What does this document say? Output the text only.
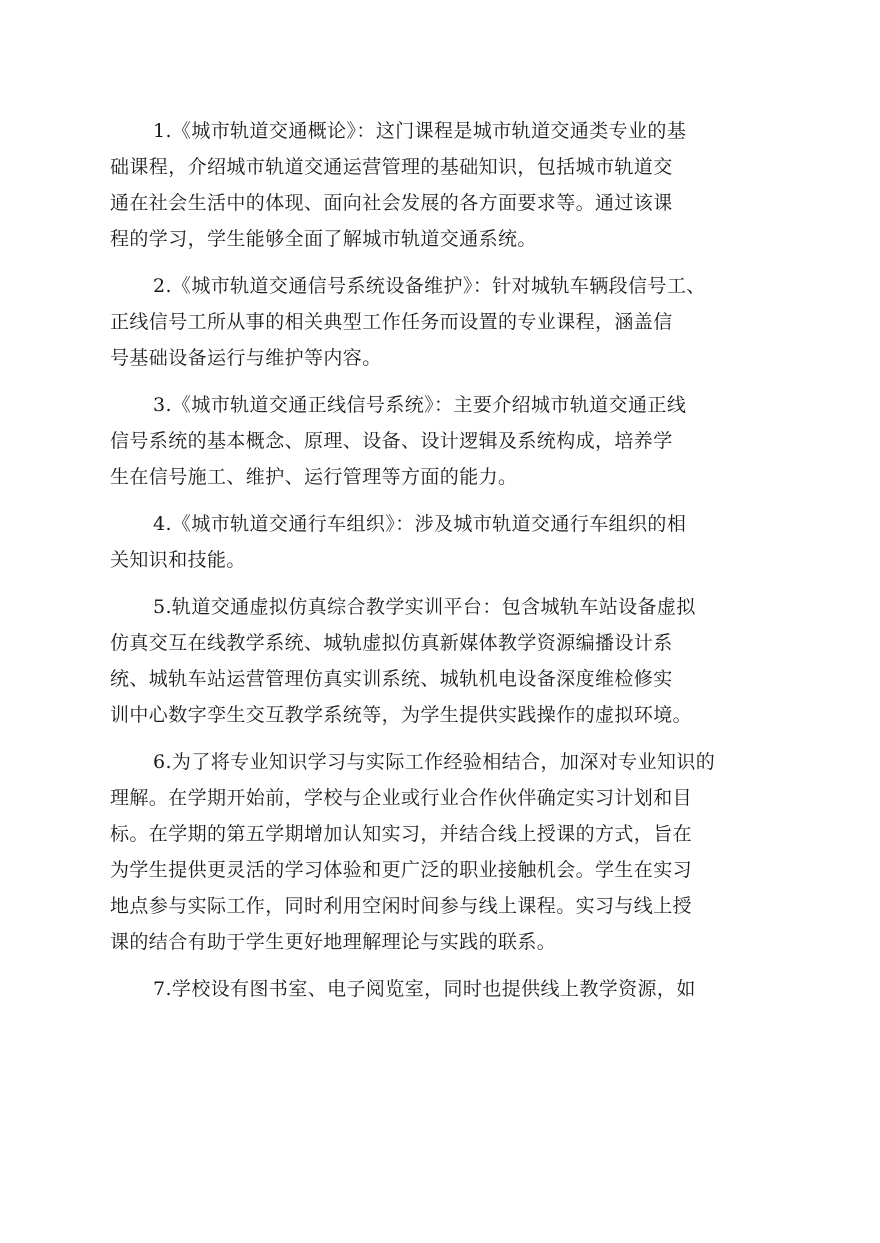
1.《城市轨道交通概论》：这门课程是城市轨道交通类专业的基
础课程，介绍城市轨道交通运营管理的基础知识，包括城市轨道交
通在社会生活中的体现、面向社会发展的各方面要求等。通过该课
程的学习，学生能够全面了解城市轨道交通系统。

2.《城市轨道交通信号系统设备维护》：针对城轨车辆段信号工、
正线信号工所从事的相关典型工作任务而设置的专业课程，涵盖信
号基础设备运行与维护等内容。

3.《城市轨道交通正线信号系统》：主要介绍城市轨道交通正线
信号系统的基本概念、原理、设备、设计逻辑及系统构成，培养学
生在信号施工、维护、运行管理等方面的能力。

4.《城市轨道交通行车组织》：涉及城市轨道交通行车组织的相
关知识和技能。

5.轨道交通虚拟仿真综合教学实训平台：包含城轨车站设备虚拟
仿真交互在线教学系统、城轨虚拟仿真新媒体教学资源编播设计系
统、城轨车站运营管理仿真实训系统、城轨机电设备深度维检修实
训中心数字孪生交互教学系统等，为学生提供实践操作的虚拟环境。

6.为了将专业知识学习与实际工作经验相结合，加深对专业知识的
理解。在学期开始前，学校与企业或行业合作伙伴确定实习计划和目
标。在学期的第五学期增加认知实习，并结合线上授课的方式，旨在
为学生提供更灵活的学习体验和更广泛的职业接触机会。学生在实习
地点参与实际工作，同时利用空闲时间参与线上课程。实习与线上授
课的结合有助于学生更好地理解理论与实践的联系。

7.学校设有图书室、电子阅览室，同时也提供线上教学资源，如
